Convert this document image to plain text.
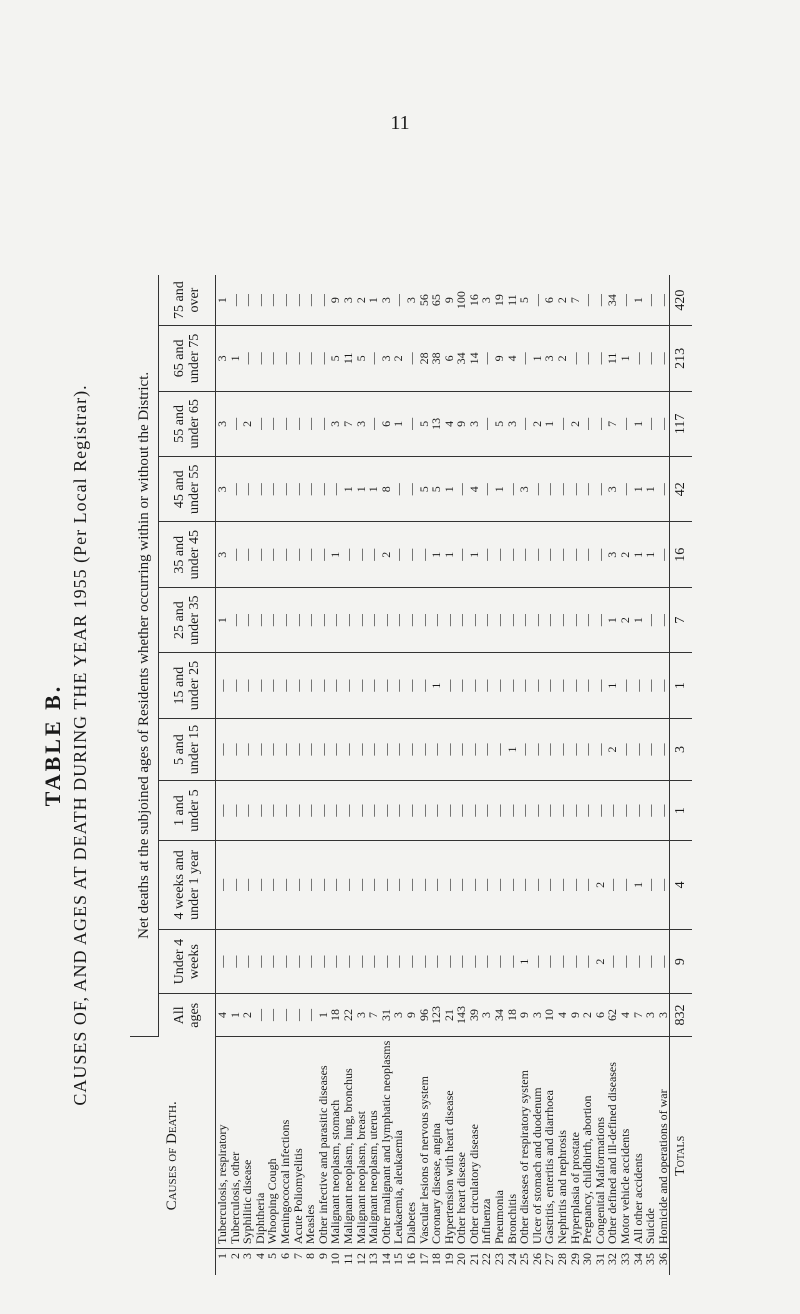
11
TABLE B. CAUSES OF, AND AGES AT DEATH DURING THE YEAR 1955 (Per Local Registrar).
Causes of Death.		Net deaths at the subjoined ages of Residents whether occurring within or without the District.											
		All ages	Under 4 weeks	4 weeks and under 1 year	1 and under 5	5 and under 15	15 and under 25	25 and under 35	35 and under 45	45 and under 55	55 and under 65	65 and under 75	75 and over
1	Tuberculosis, respiratory	4	—	—	—	—	—	1	3	3	3	3	1
2	Tuberculosis, other	1	—	—	—	—	—	—	—	—	—	1	—
3	Syphilitic disease	2	—	—	—	—	—	—	—	—	2	—	—
4	Diphtheria	—	—	—	—	—	—	—	—	—	—	—	—
5	Whooping Cough	—	—	—	—	—	—	—	—	—	—	—	—
6	Meningococcal infections	—	—	—	—	—	—	—	—	—	—	—	—
7	Acute Poliomyelitis	—	—	—	—	—	—	—	—	—	—	—	—
8	Measles	—	—	—	—	—	—	—	—	—	—	—	—
9	Other infective and parasitic diseases	1	—	—	—	—	—	—	—	—	—	—	—
10	Malignant neoplasm, stomach	18	—	—	—	—	—	—	1	—	3	5	9
11	Malignant neoplasm, lung, bronchus	22	—	—	—	—	—	—	—	1	7	11	3
12	Malignant neoplasm, breast	3	—	—	—	—	—	—	—	1	3	5	2
13	Malignant neoplasm, uterus	7	—	—	—	—	—	—	—	1	—	—	1
14	Other malignant and lymphatic neoplasms	31	—	—	—	—	—	—	2	8	6	3	3
15	Leukaemia, aleukaemia	3	—	—	—	—	—	—	—	—	1	2	—
16	Diabetes	9	—	—	—	—	—	—	—	—	—	—	3
17	Vascular lesions of nervous system	96	—	—	—	—	—	—	—	5	5	28	56
18	Coronary disease, angina	123	—	—	—	—	1	—	1	5	13	38	65
19	Hypertension with heart disease	21	—	—	—	—	—	—	1	1	4	6	9
20	Other heart disease	143	—	—	—	—	—	—	—	—	9	34	100
21	Other circulatory disease	39	—	—	—	—	—	—	1	4	3	14	16
22	Influenza	3	—	—	—	—	—	—	—	—	—	—	3
23	Pneumonia	34	—	—	—	—	—	—	—	1	5	9	19
24	Bronchitis	18	—	—	—	1	—	—	—	—	3	4	11
25	Other diseases of respiratory system	9	1	—	—	—	—	—	—	3	—	—	5
26	Ulcer of stomach and duodenum	3	—	—	—	—	—	—	—	—	2	1	—
27	Gastritis, enteritis and diarrhoea	10	—	—	—	—	—	—	—	—	1	3	6
28	Nephritis and nephrosis	4	—	—	—	—	—	—	—	—	—	2	2
29	Hyperplasia of prostate	9	—	—	—	—	—	—	—	—	2	—	7
30	Pregnancy, childbirth, abortion	2	—	—	—	—	—	—	—	—	—	—	—
31	Congenital Malformations	6	2	2	—	—	—	—	—	—	—	—	—
32	Other defined and ill-defined diseases	62	—	—	—	2	1	1	3	3	7	11	34
33	Motor vehicle accidents	4	—	—	—	—	—	2	2	—	—	1	—
34	All other accidents	7	—	1	—	—	—	1	1	1	1	—	1
35	Suicide	3	—	—	—	—	—	—	1	1	—	—	—
36	Homicide and operations of war	3	—	—	—	—	—	—	—	—	—	—	—
Totals		832	9	4	1	3	1	7	16	42	117	213	420
